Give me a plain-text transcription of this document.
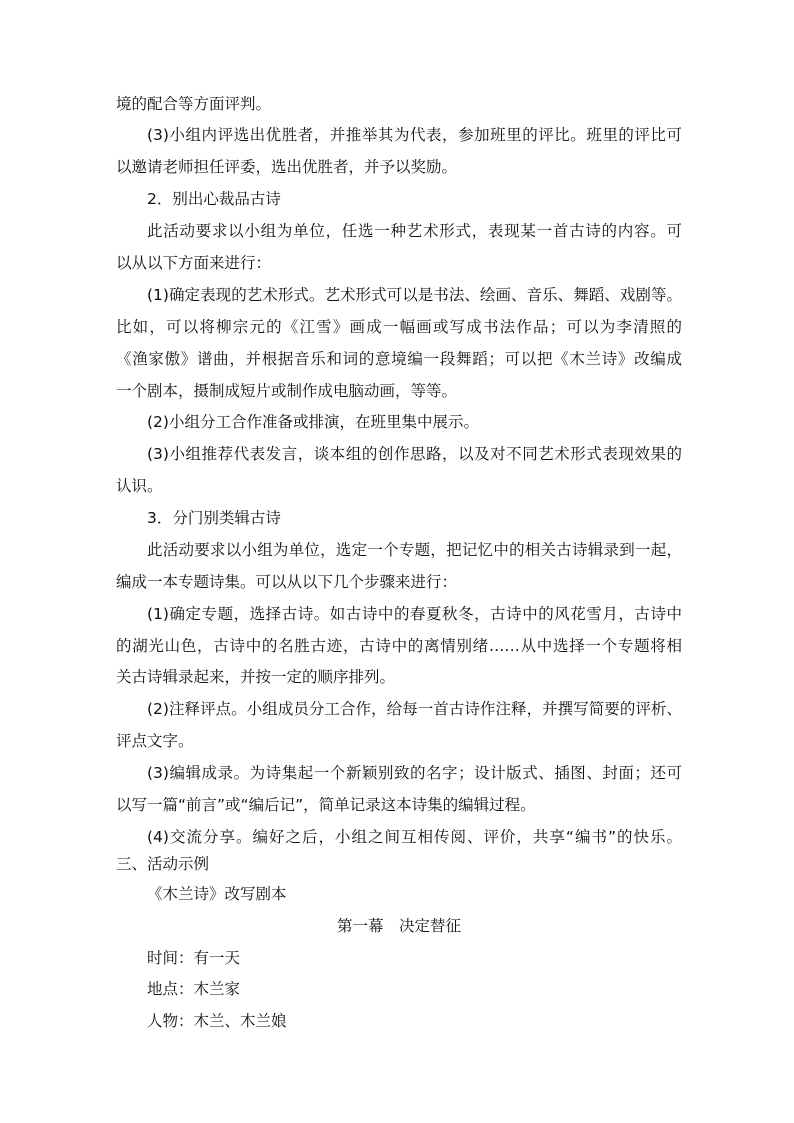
境的配合等方面评判。
(3)小组内评选出优胜者，并推举其为代表，参加班里的评比。班里的评比可
以邀请老师担任评委，选出优胜者，并予以奖励。
2．别出心裁品古诗
此活动要求以小组为单位，任选一种艺术形式，表现某一首古诗的内容。可
以从以下方面来进行：
(1)确定表现的艺术形式。艺术形式可以是书法、绘画、音乐、舞蹈、戏剧等。
比如，可以将柳宗元的《江雪》画成一幅画或写成书法作品；可以为李清照的
《渔家傲》谱曲，并根据音乐和词的意境编一段舞蹈；可以把《木兰诗》改编成
一个剧本，摄制成短片或制作成电脑动画，等等。
(2)小组分工合作准备或排演，在班里集中展示。
(3)小组推荐代表发言，谈本组的创作思路，以及对不同艺术形式表现效果的
认识。
3．分门别类辑古诗
此活动要求以小组为单位，选定一个专题，把记忆中的相关古诗辑录到一起，
编成一本专题诗集。可以从以下几个步骤来进行：
(1)确定专题，选择古诗。如古诗中的春夏秋冬，古诗中的风花雪月，古诗中
的湖光山色，古诗中的名胜古迹，古诗中的离情别绪……从中选择一个专题将相
关古诗辑录起来，并按一定的顺序排列。
(2)注释评点。小组成员分工合作，给每一首古诗作注释，并撰写简要的评析、
评点文字。
(3)编辑成录。为诗集起一个新颖别致的名字；设计版式、插图、封面；还可
以写一篇“前言”或“编后记”，简单记录这本诗集的编辑过程。
(4)交流分享。编好之后，小组之间互相传阅、评价，共享“编书”的快乐。
三、活动示例
《木兰诗》改写剧本
第一幕　决定替征
时间：有一天
地点：木兰家
人物：木兰、木兰娘
